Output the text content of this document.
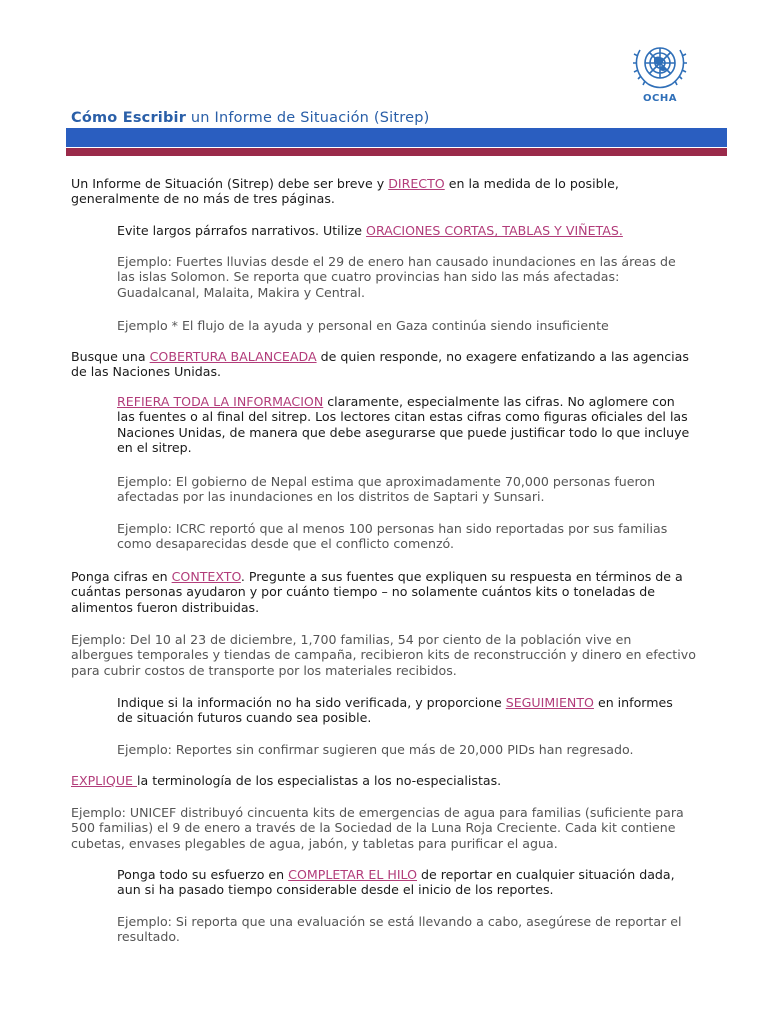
OCHA
Cómo Escribir un Informe de Situación (Sitrep)
Un Informe de Situación (Sitrep) debe ser breve y DIRECTO en la medida de lo posible,
generalmente de no más de tres páginas.
Evite largos párrafos narrativos. Utilize ORACIONES CORTAS, TABLAS Y VIÑETAS.
Ejemplo: Fuertes lluvias desde el 29 de enero han causado inundaciones en las áreas de
las islas Solomon. Se reporta que cuatro provincias han sido las más afectadas:
Guadalcanal, Malaita, Makira y Central.
Ejemplo * El flujo de la ayuda y personal en Gaza continúa siendo insuficiente
Busque una COBERTURA BALANCEADA de quien responde, no exagere enfatizando a las agencias
de las Naciones Unidas.
REFIERA TODA LA INFORMACION claramente, especialmente las cifras. No aglomere con
las fuentes o al final del sitrep. Los lectores citan estas cifras como figuras oficiales del las
Naciones Unidas, de manera que debe asegurarse que puede justificar todo lo que incluye
en el sitrep.
Ejemplo: El gobierno de Nepal estima que aproximadamente 70,000 personas fueron
afectadas por las inundaciones en los distritos de Saptari y Sunsari.
Ejemplo: ICRC reportó que al menos 100 personas han sido reportadas por sus familias
como desaparecidas desde que el conflicto comenzó.
Ponga cifras en CONTEXTO. Pregunte a sus fuentes que expliquen su respuesta en términos de a
cuántas personas ayudaron y por cuánto tiempo – no solamente cuántos kits o toneladas de
alimentos fueron distribuidas.
Ejemplo: Del 10 al 23 de diciembre, 1,700 familias, 54 por ciento de la población vive en
albergues temporales y tiendas de campaña, recibieron kits de reconstrucción y dinero en efectivo
para cubrir costos de transporte por los materiales recibidos.
Indique si la información no ha sido verificada, y proporcione SEGUIMIENTO en informes
de situación futuros cuando sea posible.
Ejemplo: Reportes sin confirmar sugieren que más de 20,000 PIDs han regresado.
EXPLIQUE la terminología de los especialistas a los no-especialistas.
Ejemplo: UNICEF distribuyó cincuenta kits de emergencias de agua para familias (suficiente para
500 familias) el 9 de enero a través de la Sociedad de la Luna Roja Creciente. Cada kit contiene
cubetas, envases plegables de agua, jabón, y tabletas para purificar el agua.
Ponga todo su esfuerzo en COMPLETAR EL HILO de reportar en cualquier situación dada,
aun si ha pasado tiempo considerable desde el inicio de los reportes.
Ejemplo: Si reporta que una evaluación se está llevando a cabo, asegúrese de reportar el
resultado.
